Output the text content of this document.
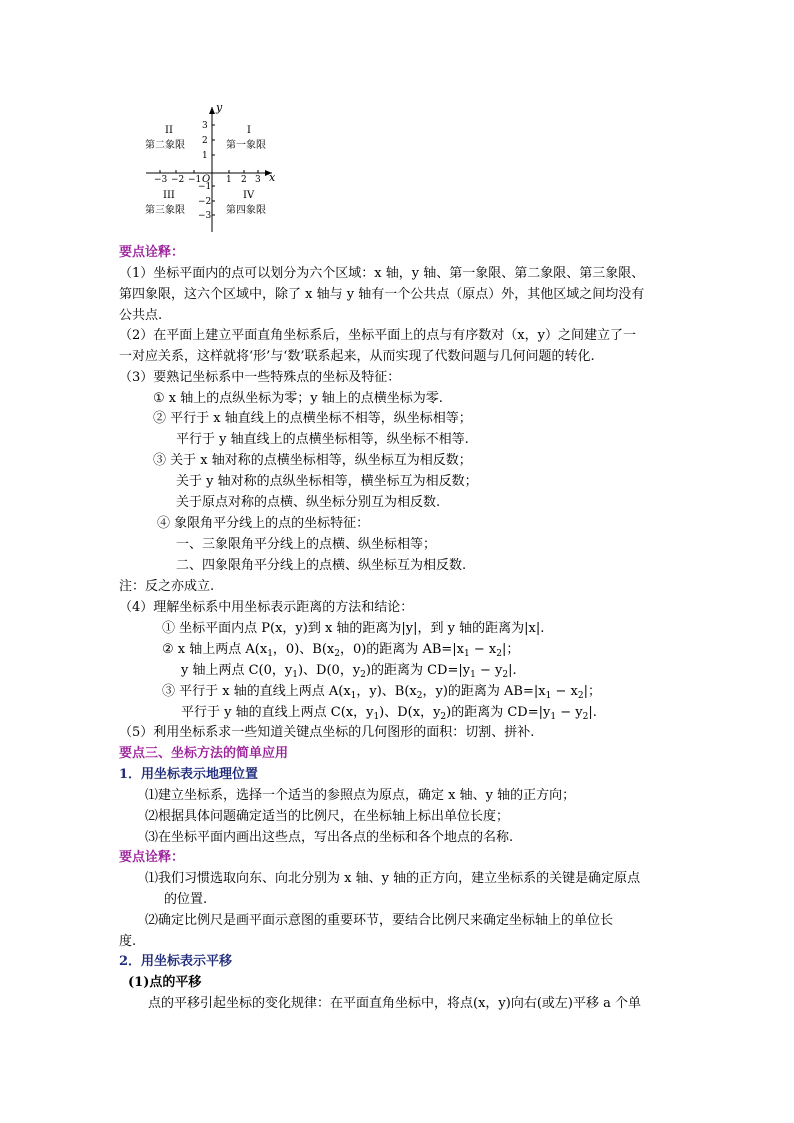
y
x
O
−3 −2 −1	1 2 3
3
2
1
−1
−2
−3
II
第二象限
I
第一象限
III
第三象限
IV
第四象限
要点诠释：
（1）坐标平面内的点可以划分为六个区域：x 轴，y 轴、第一象限、第二象限、第三象限、
第四象限，这六个区域中，除了 x 轴与 y 轴有一个公共点（原点）外，其他区域之间均没有
公共点.
（2）在平面上建立平面直角坐标系后，坐标平面上的点与有序数对（x，y）之间建立了一
一对应关系，这样就将‘形’与‘数’联系起来，从而实现了代数问题与几何问题的转化.
（3）要熟记坐标系中一些特殊点的坐标及特征：
① x 轴上的点纵坐标为零；y 轴上的点横坐标为零.
② 平行于 x 轴直线上的点横坐标不相等，纵坐标相等；
平行于 y 轴直线上的点横坐标相等，纵坐标不相等.
③ 关于 x 轴对称的点横坐标相等，纵坐标互为相反数；
关于 y 轴对称的点纵坐标相等，横坐标互为相反数；
关于原点对称的点横、纵坐标分别互为相反数.
④ 象限角平分线上的点的坐标特征：
一、三象限角平分线上的点横、纵坐标相等；
二、四象限角平分线上的点横、纵坐标互为相反数.
注：反之亦成立.
（4）理解坐标系中用坐标表示距离的方法和结论：
① 坐标平面内点 P(x，y)到 x 轴的距离为|y|，到 y 轴的距离为|x|.
② x 轴上两点 $A(x_1$，0)、$B(x_2$，0)的距离为 $AB=|x_1 - x_2|$；
y 轴上两点 C(0，$y_1$)、D(0，$y_2$)的距离为 $CD=|y_1 - y_2|$.
③ 平行于 x 轴的直线上两点 $A(x_1$，y)、$B(x_2$，y)的距离为 $AB=|x_1 - x_2|$；
平行于 y 轴的直线上两点 C(x，$y_1$)、D(x，$y_2$)的距离为 $CD=|y_1 - y_2|$.
（5）利用坐标系求一些知道关键点坐标的几何图形的面积：切割、拼补.
要点三、坐标方法的简单应用
1．用坐标表示地理位置
⑴建立坐标系，选择一个适当的参照点为原点，确定 x 轴、y 轴的正方向；
⑵根据具体问题确定适当的比例尺，在坐标轴上标出单位长度；
⑶在坐标平面内画出这些点，写出各点的坐标和各个地点的名称.
要点诠释：
⑴我们习惯选取向东、向北分别为 x 轴、y 轴的正方向，建立坐标系的关键是确定原点
的位置.
⑵确定比例尺是画平面示意图的重要环节，要结合比例尺来确定坐标轴上的单位长
度.
2．用坐标表示平移
(1)点的平移
点的平移引起坐标的变化规律：在平面直角坐标中，将点(x，y)向右(或左)平移 a 个单
